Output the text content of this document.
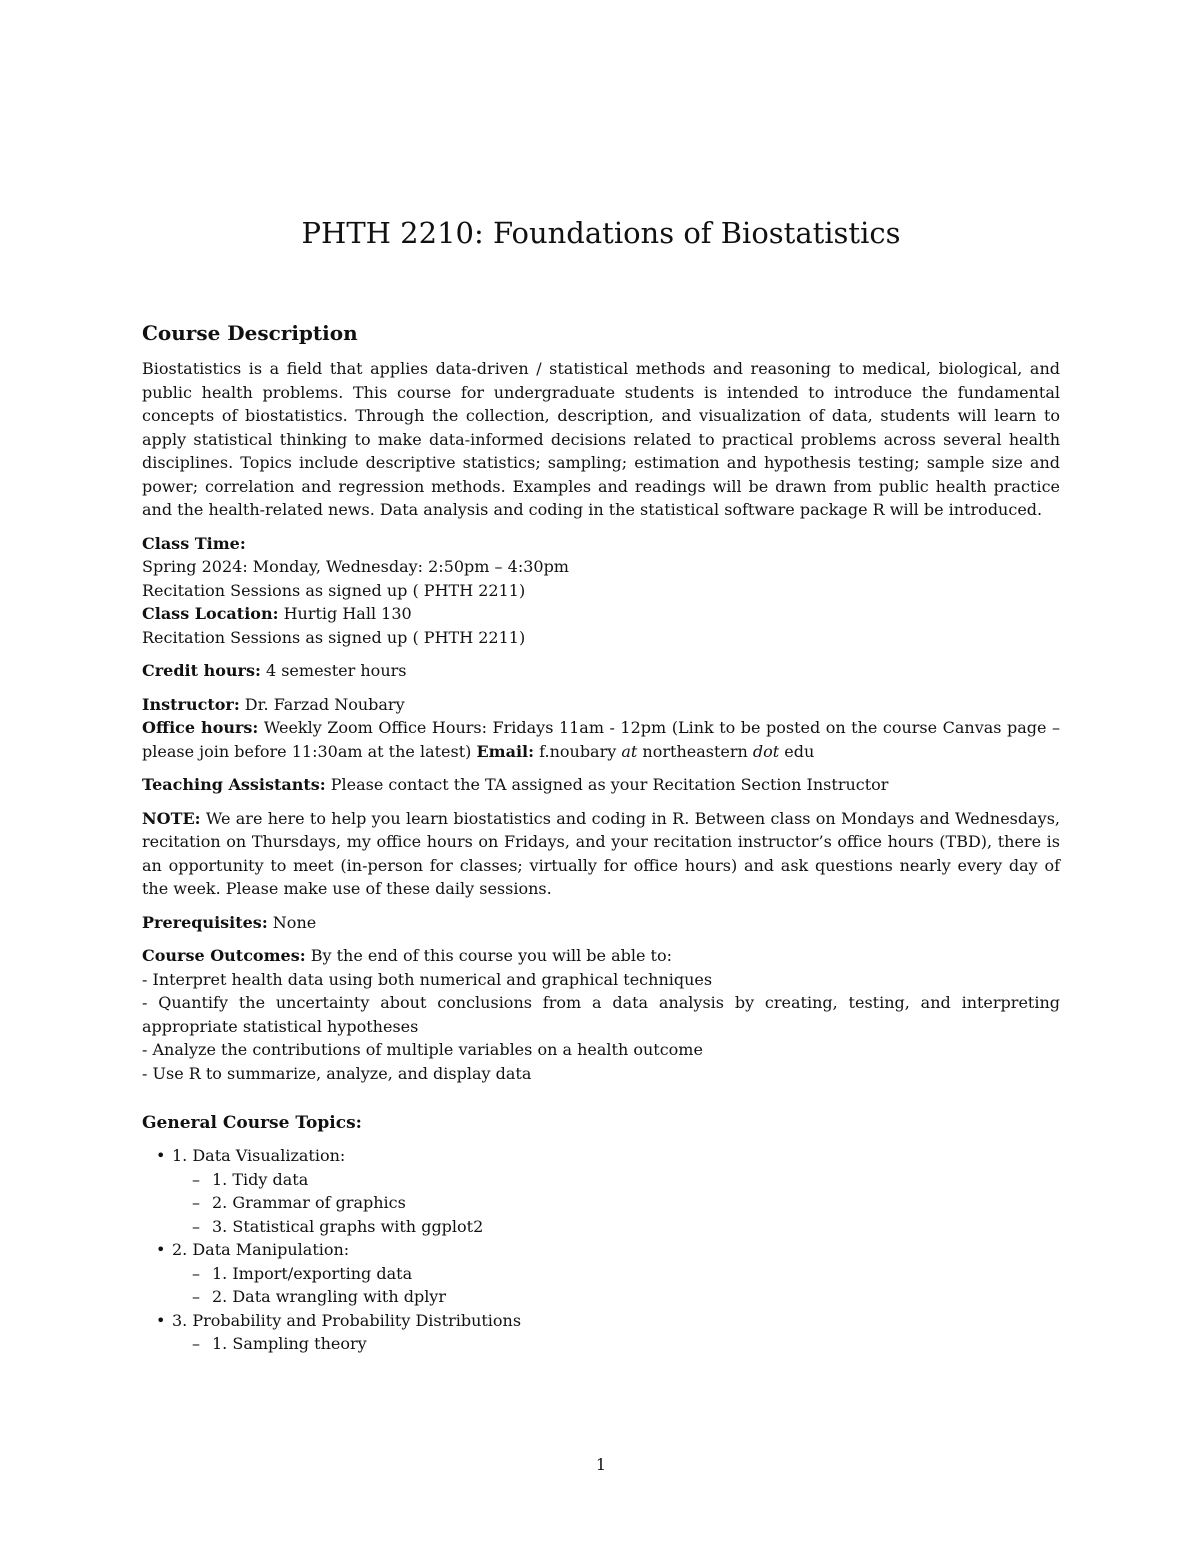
PHTH 2210: Foundations of Biostatistics
Course Description

Biostatistics is a field that applies data-driven / statistical methods and reasoning to medical, biological, and public health problems. This course for undergraduate students is intended to introduce the fundamental concepts of biostatistics. Through the collection, description, and visualization of data, students will learn to apply statistical thinking to make data-informed decisions related to practical problems across several health disciplines. Topics include descriptive statistics; sampling; estimation and hypothesis testing; sample size and power; correlation and regression methods. Examples and readings will be drawn from public health practice and the health-related news. Data analysis and coding in the statistical software package R will be introduced.

Class Time:

Spring 2024: Monday, Wednesday: 2:50pm – 4:30pm

Recitation Sessions as signed up ( PHTH 2211)

Class Location: Hurtig Hall 130

Recitation Sessions as signed up ( PHTH 2211)

Credit hours: 4 semester hours

Instructor: Dr. Farzad Noubary

Office hours: Weekly Zoom Office Hours: Fridays 11am - 12pm (Link to be posted on the course Canvas page – please join before 11:30am at the latest) Email: f.noubary at northeastern dot edu

Teaching Assistants: Please contact the TA assigned as your Recitation Section Instructor

NOTE: We are here to help you learn biostatistics and coding in R. Between class on Mondays and Wednesdays, recitation on Thursdays, my office hours on Fridays, and your recitation instructor’s office hours (TBD), there is an opportunity to meet (in-person for classes; virtually for office hours) and ask questions nearly every day of the week. Please make use of these daily sessions.

Prerequisites: None

Course Outcomes: By the end of this course you will be able to:

- Interpret health data using both numerical and graphical techniques

- Quantify the uncertainty about conclusions from a data analysis by creating, testing, and interpreting appropriate statistical hypotheses

- Analyze the contributions of multiple variables on a health outcome

- Use R to summarize, analyze, and display data

General Course Topics:
• 1. Data Visualization:
– 1. Tidy data
– 2. Grammar of graphics
– 3. Statistical graphs with ggplot2
• 2. Data Manipulation:
– 1. Import/exporting data
– 2. Data wrangling with dplyr
• 3. Probability and Probability Distributions
– 1. Sampling theory
1
